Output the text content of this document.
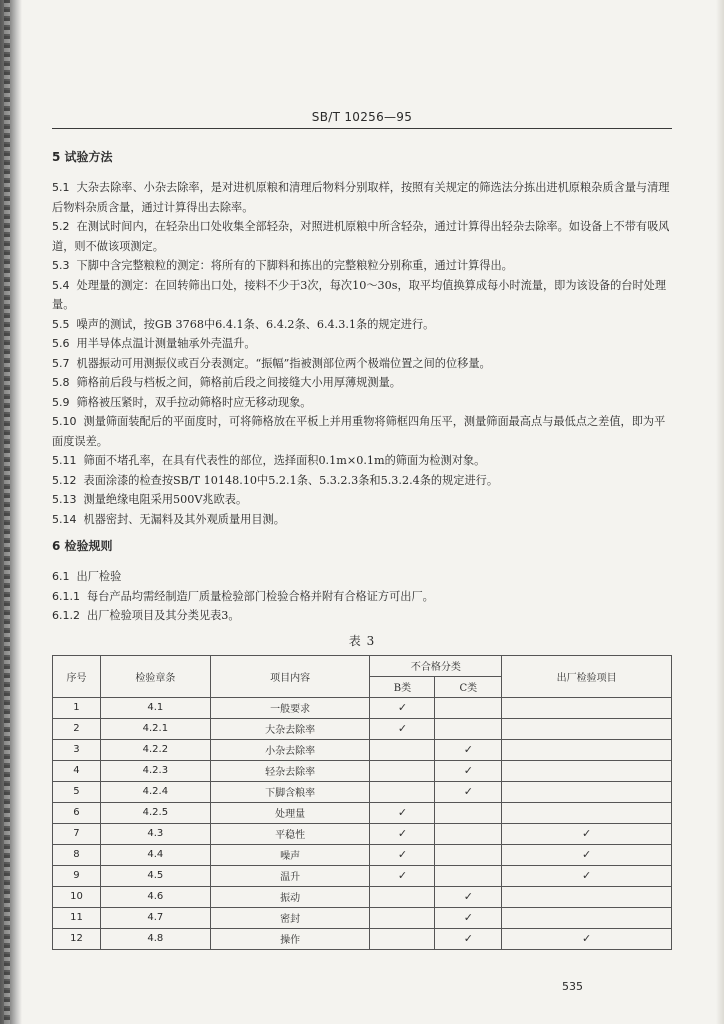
SB/T 10256—95
5 试验方法

5.1 大杂去除率、小杂去除率，是对进机原粮和清理后物料分别取样，按照有关规定的筛选法分拣出进机原粮杂质含量与清理后物料杂质含量，通过计算得出去除率。

5.2 在测试时间内，在轻杂出口处收集全部轻杂，对照进机原粮中所含轻杂，通过计算得出轻杂去除率。如设备上不带有吸风道，则不做该项测定。

5.3 下脚中含完整粮粒的测定：将所有的下脚料和拣出的完整粮粒分别称重，通过计算得出。

5.4 处理量的测定：在回转筛出口处，接料不少于3次，每次10～30s，取平均值换算成每小时流量，即为该设备的台时处理量。

5.5 噪声的测试，按GB 3768中6.4.1条、6.4.2条、6.4.3.1条的规定进行。

5.6 用半导体点温计测量轴承外壳温升。

5.7 机器振动可用测振仪或百分表测定。“振幅”指被测部位两个极端位置之间的位移量。

5.8 筛格前后段与档板之间，筛格前后段之间接缝大小用厚薄规测量。

5.9 筛格被压紧时，双手拉动筛格时应无移动现象。

5.10 测量筛面装配后的平面度时，可将筛格放在平板上并用重物将筛框四角压平，测量筛面最高点与最低点之差值，即为平面度误差。

5.11 筛面不堵孔率，在具有代表性的部位，选择面积0.1m×0.1m的筛面为检测对象。

5.12 表面涂漆的检查按SB/T 10148.10中5.2.1条、5.3.2.3条和5.3.2.4条的规定进行。

5.13 测量绝缘电阻采用500V兆欧表。

5.14 机器密封、无漏料及其外观质量用目测。

6 检验规则

6.1 出厂检验

6.1.1 每台产品均需经制造厂质量检验部门检验合格并附有合格证方可出厂。

6.1.2 出厂检验项目及其分类见表3。

表 3
序号	检验章条	项目内容	不合格分类		出厂检验项目
			B类	C类	
1	4.1	一般要求	✓		
2	4.2.1	大杂去除率	✓		
3	4.2.2	小杂去除率		✓	
4	4.2.3	轻杂去除率		✓	
5	4.2.4	下脚含粮率		✓	
6	4.2.5	处理量	✓		
7	4.3	平稳性	✓		✓
8	4.4	噪声	✓		✓
9	4.5	温升	✓		✓
10	4.6	振动		✓	
11	4.7	密封		✓	
12	4.8	操作		✓	✓
535
